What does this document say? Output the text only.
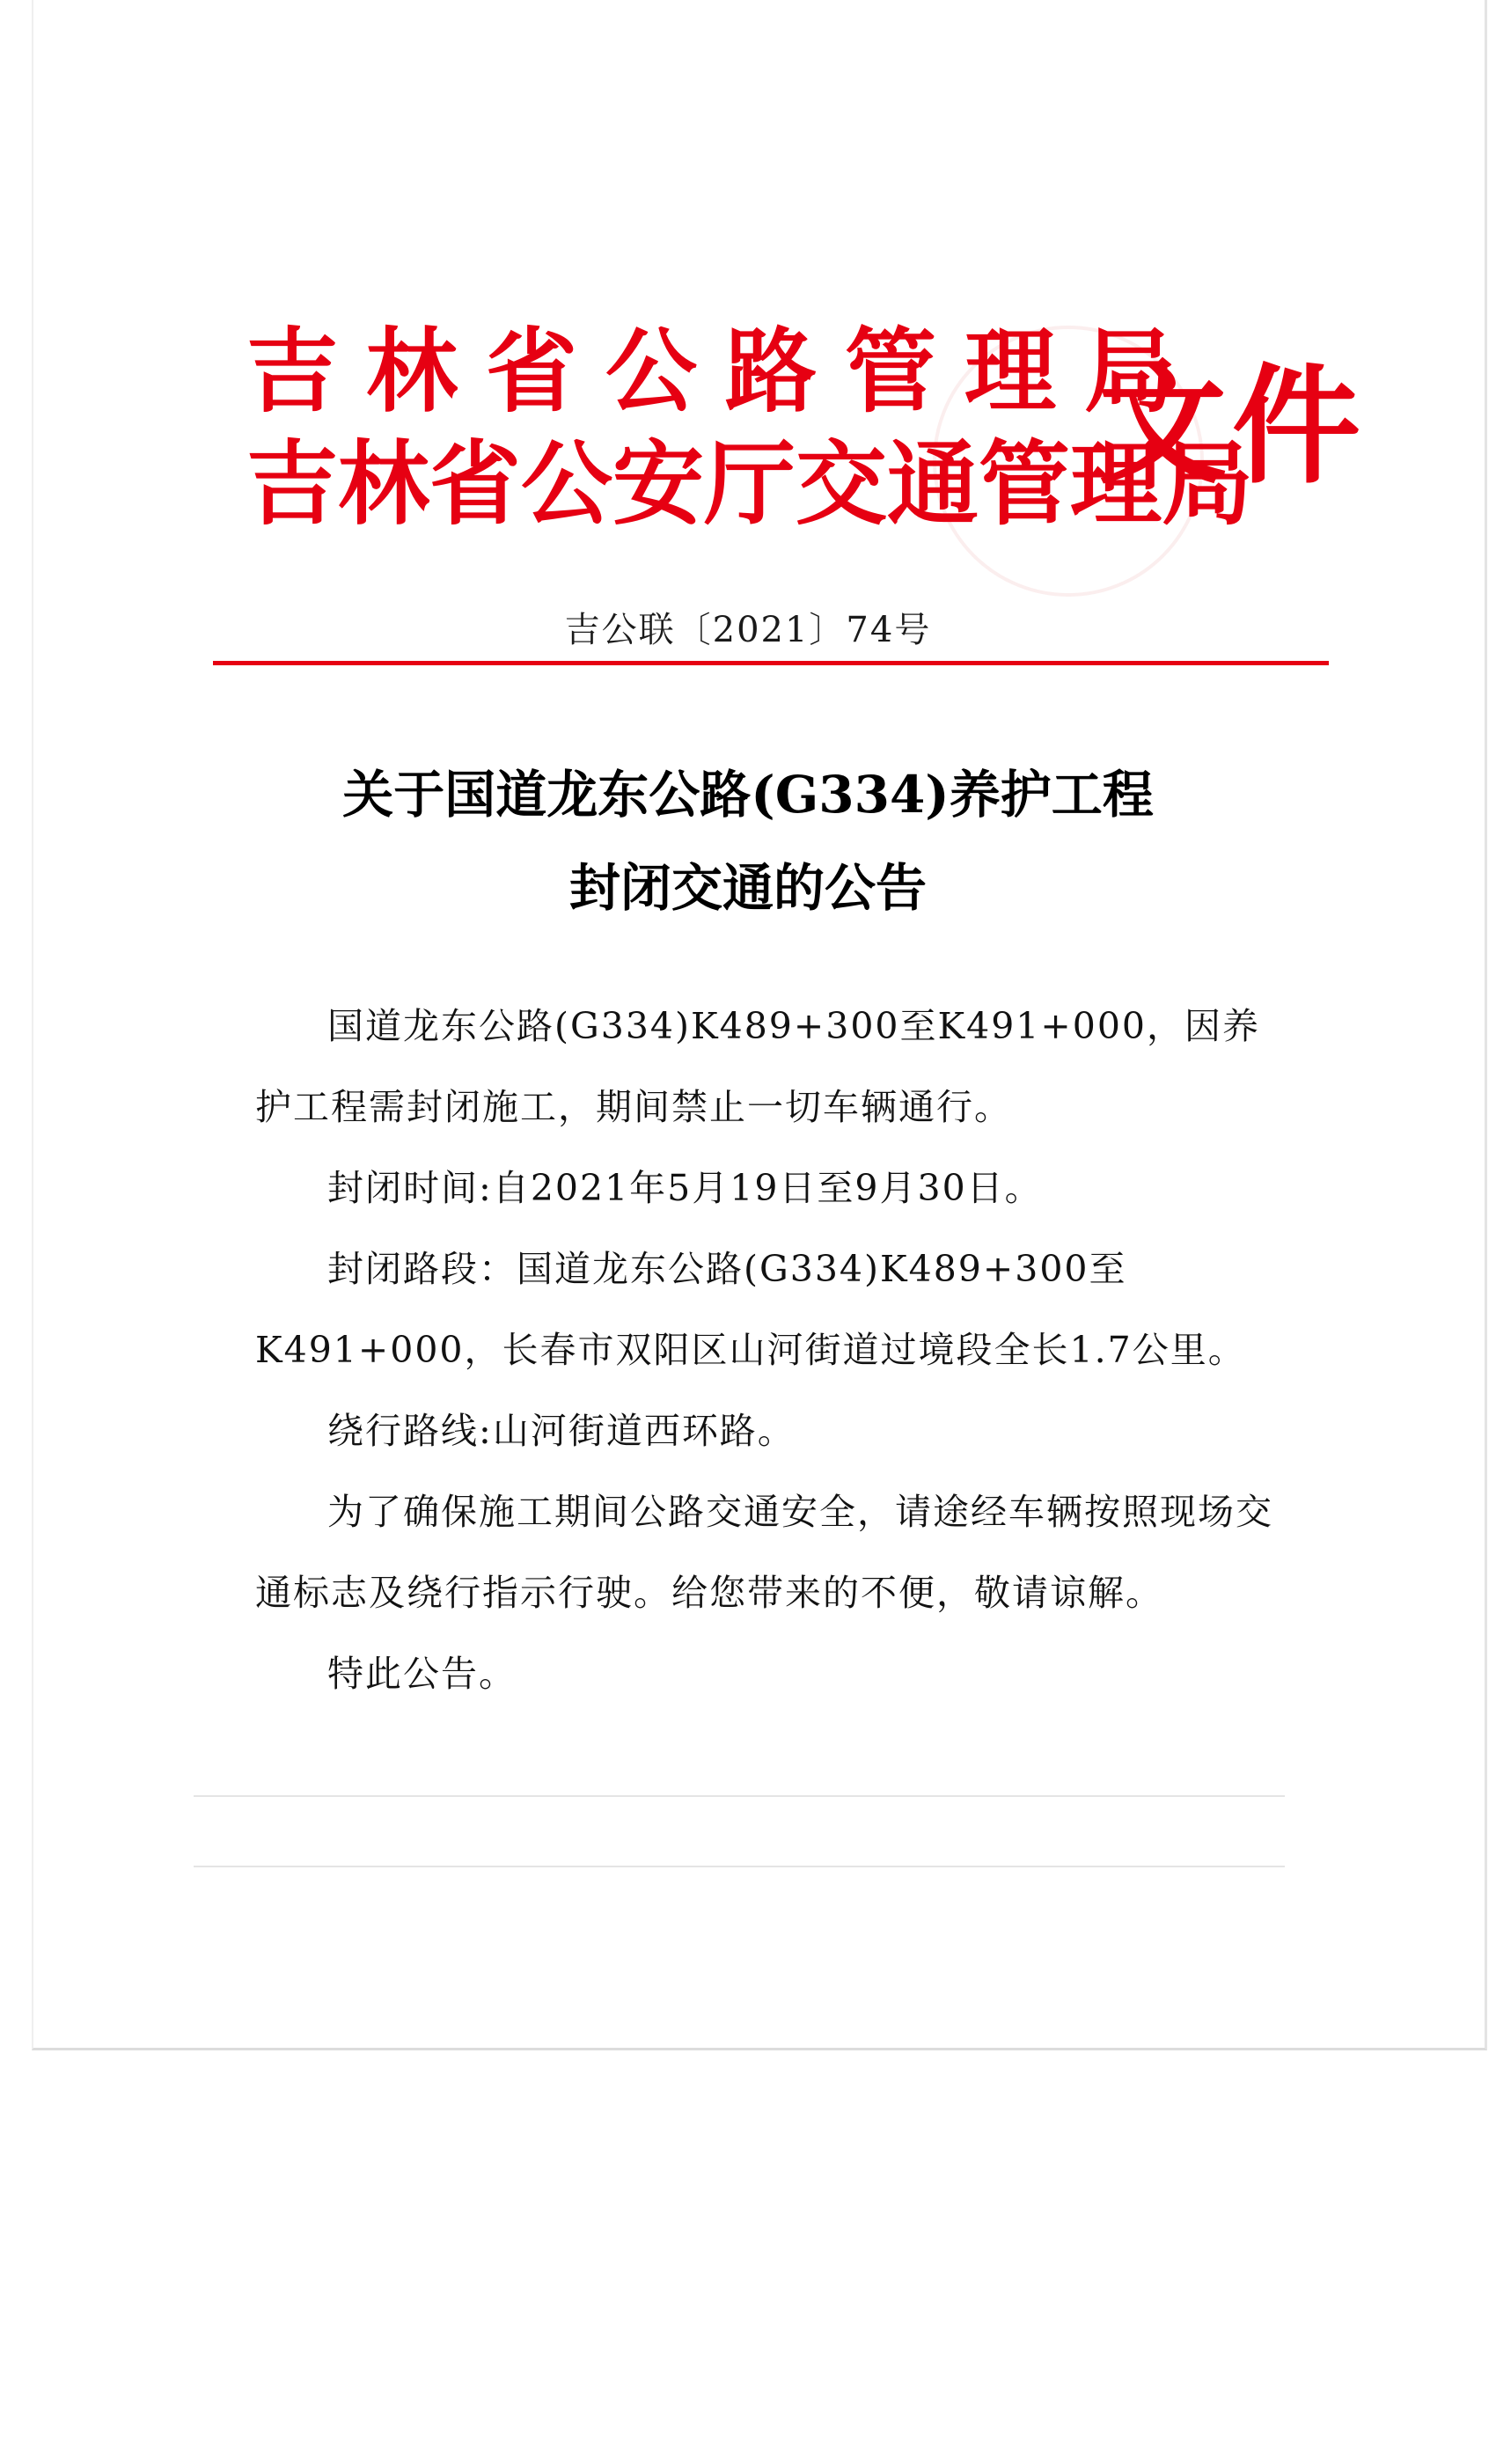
吉林省公路管理局
吉林省公安厅交通管理局
文件
吉公联〔2021〕74号
关于国道龙东公路(G334)养护工程
封闭交通的公告

国道龙东公路(G334)K489+300至K491+000，因养护工程需封闭施工，期间禁止一切车辆通行。

封闭时间:自2021年5月19日至9月30日。

封闭路段：国道龙东公路(G334)K489+300至K491+000，长春市双阳区山河街道过境段全长1.7公里。

绕行路线:山河街道西环路。

为了确保施工期间公路交通安全，请途经车辆按照现场交通标志及绕行指示行驶。给您带来的不便，敬请谅解。

特此公告。
